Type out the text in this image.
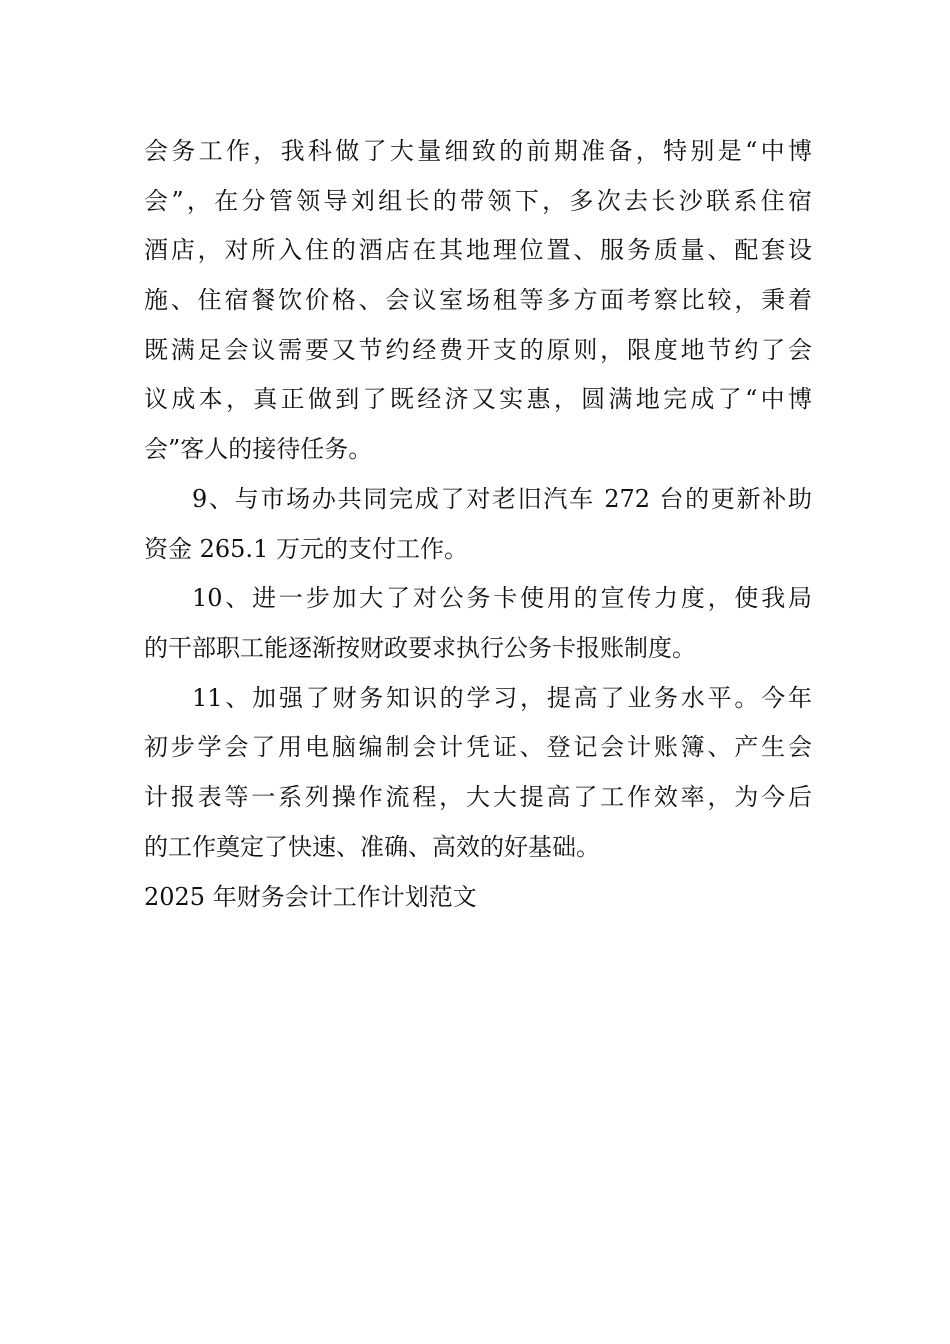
会务工作，我科做了大量细致的前期准备，特别是“中博
会”，在分管领导刘组长的带领下，多次去长沙联系住宿
酒店，对所入住的酒店在其地理位置、服务质量、配套设
施、住宿餐饮价格、会议室场租等多方面考察比较，秉着
既满足会议需要又节约经费开支的原则，限度地节约了会
议成本，真正做到了既经济又实惠，圆满地完成了“中博
会”客人的接待任务。
9、与市场办共同完成了对老旧汽车 272 台的更新补助
资金 265.1 万元的支付工作。
10、进一步加大了对公务卡使用的宣传力度，使我局
的干部职工能逐渐按财政要求执行公务卡报账制度。
11、加强了财务知识的学习，提高了业务水平。今年
初步学会了用电脑编制会计凭证、登记会计账簿、产生会
计报表等一系列操作流程，大大提高了工作效率，为今后
的工作奠定了快速、准确、高效的好基础。
2025 年财务会计工作计划范文
